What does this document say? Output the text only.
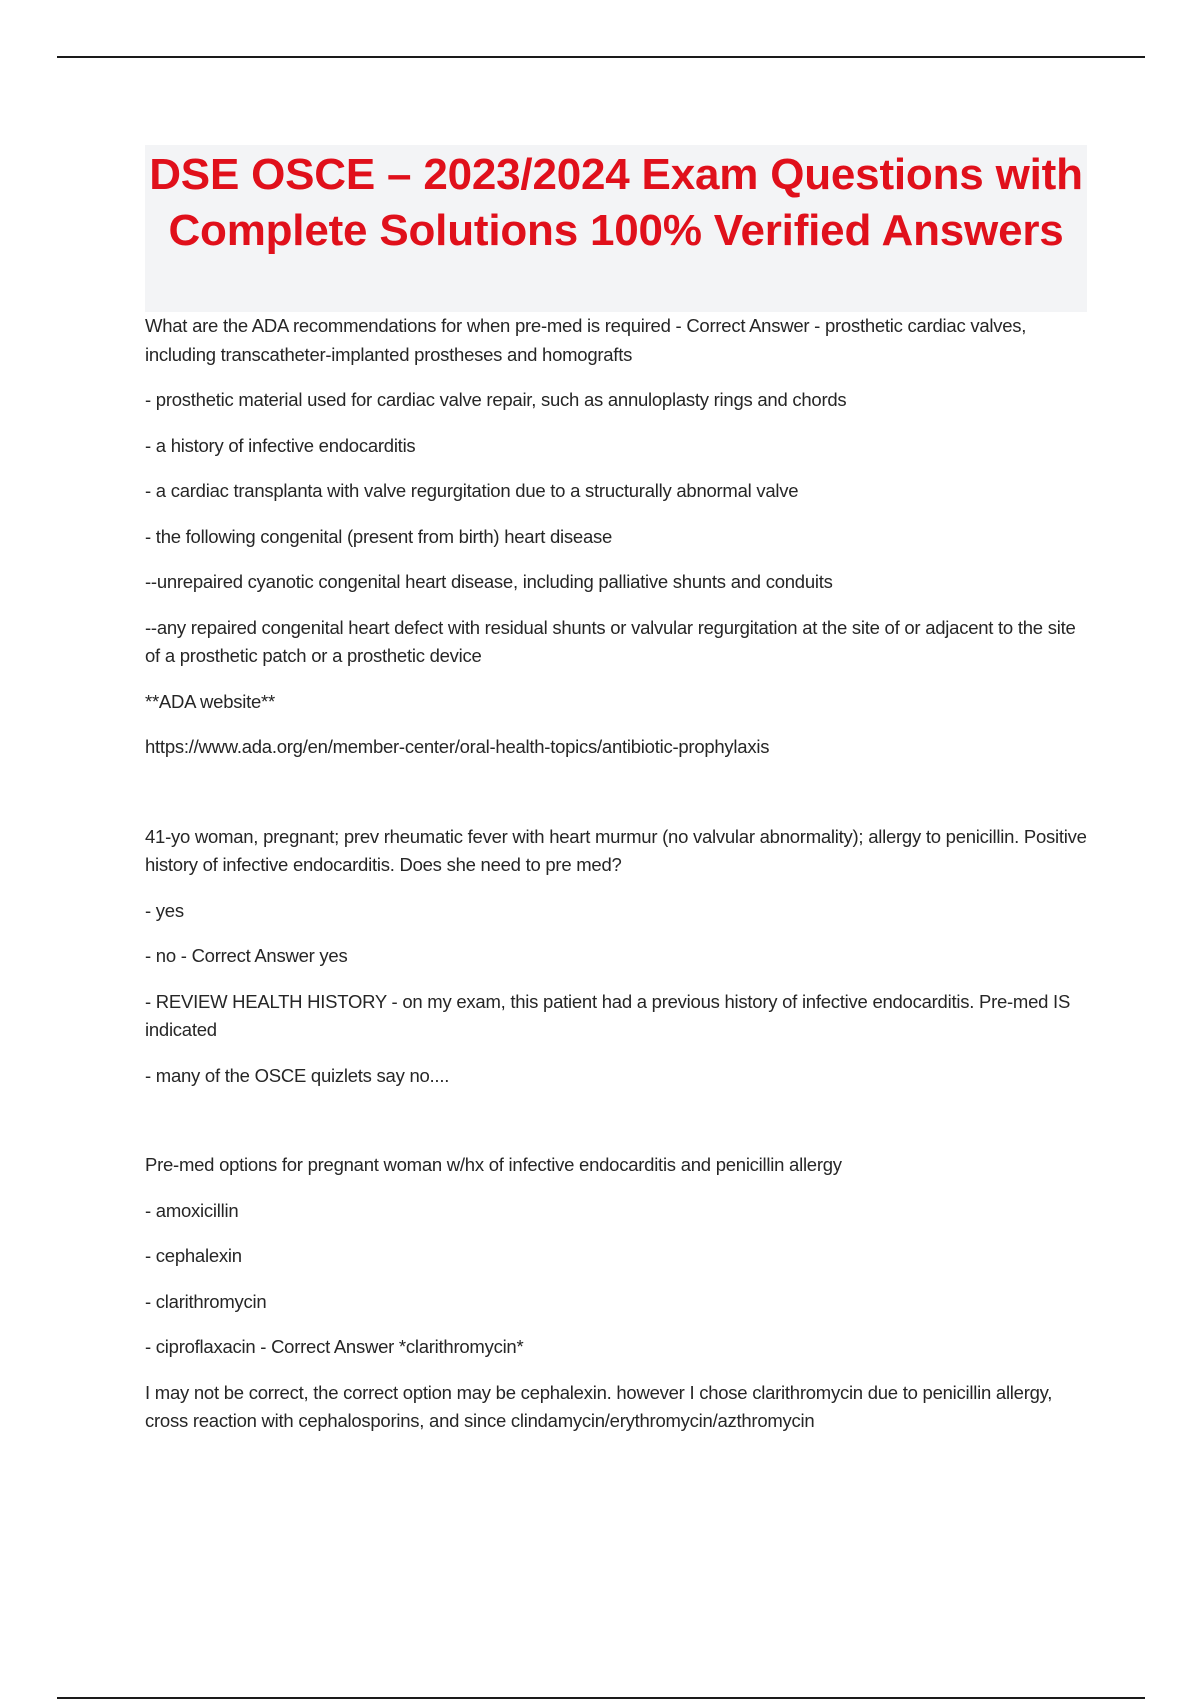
DSE OSCE – 2023/2024 Exam Questions with Complete Solutions 100% Verified Answers

What are the ADA recommendations for when pre-med is required - Correct Answer - prosthetic cardiac valves, including transcatheter-implanted prostheses and homografts

- prosthetic material used for cardiac valve repair, such as annuloplasty rings and chords

- a history of infective endocarditis

- a cardiac transplanta with valve regurgitation due to a structurally abnormal valve

- the following congenital (present from birth) heart disease

--unrepaired cyanotic congenital heart disease, including palliative shunts and conduits

--any repaired congenital heart defect with residual shunts or valvular regurgitation at the site of or adjacent to the site of a prosthetic patch or a prosthetic device

**ADA website**

https://www.ada.org/en/member-center/oral-health-topics/antibiotic-prophylaxis

41-yo woman, pregnant; prev rheumatic fever with heart murmur (no valvular abnormality); allergy to penicillin. Positive history of infective endocarditis. Does she need to pre med?

- yes

- no - Correct Answer yes

- REVIEW HEALTH HISTORY - on my exam, this patient had a previous history of infective endocarditis. Pre-med IS indicated

- many of the OSCE quizlets say no....

Pre-med options for pregnant woman w/hx of infective endocarditis and penicillin allergy

- amoxicillin

- cephalexin

- clarithromycin

- ciproflaxacin - Correct Answer *clarithromycin*

I may not be correct, the correct option may be cephalexin. however I chose clarithromycin due to penicillin allergy, cross reaction with cephalosporins, and since clindamycin/erythromycin/azthromycin
